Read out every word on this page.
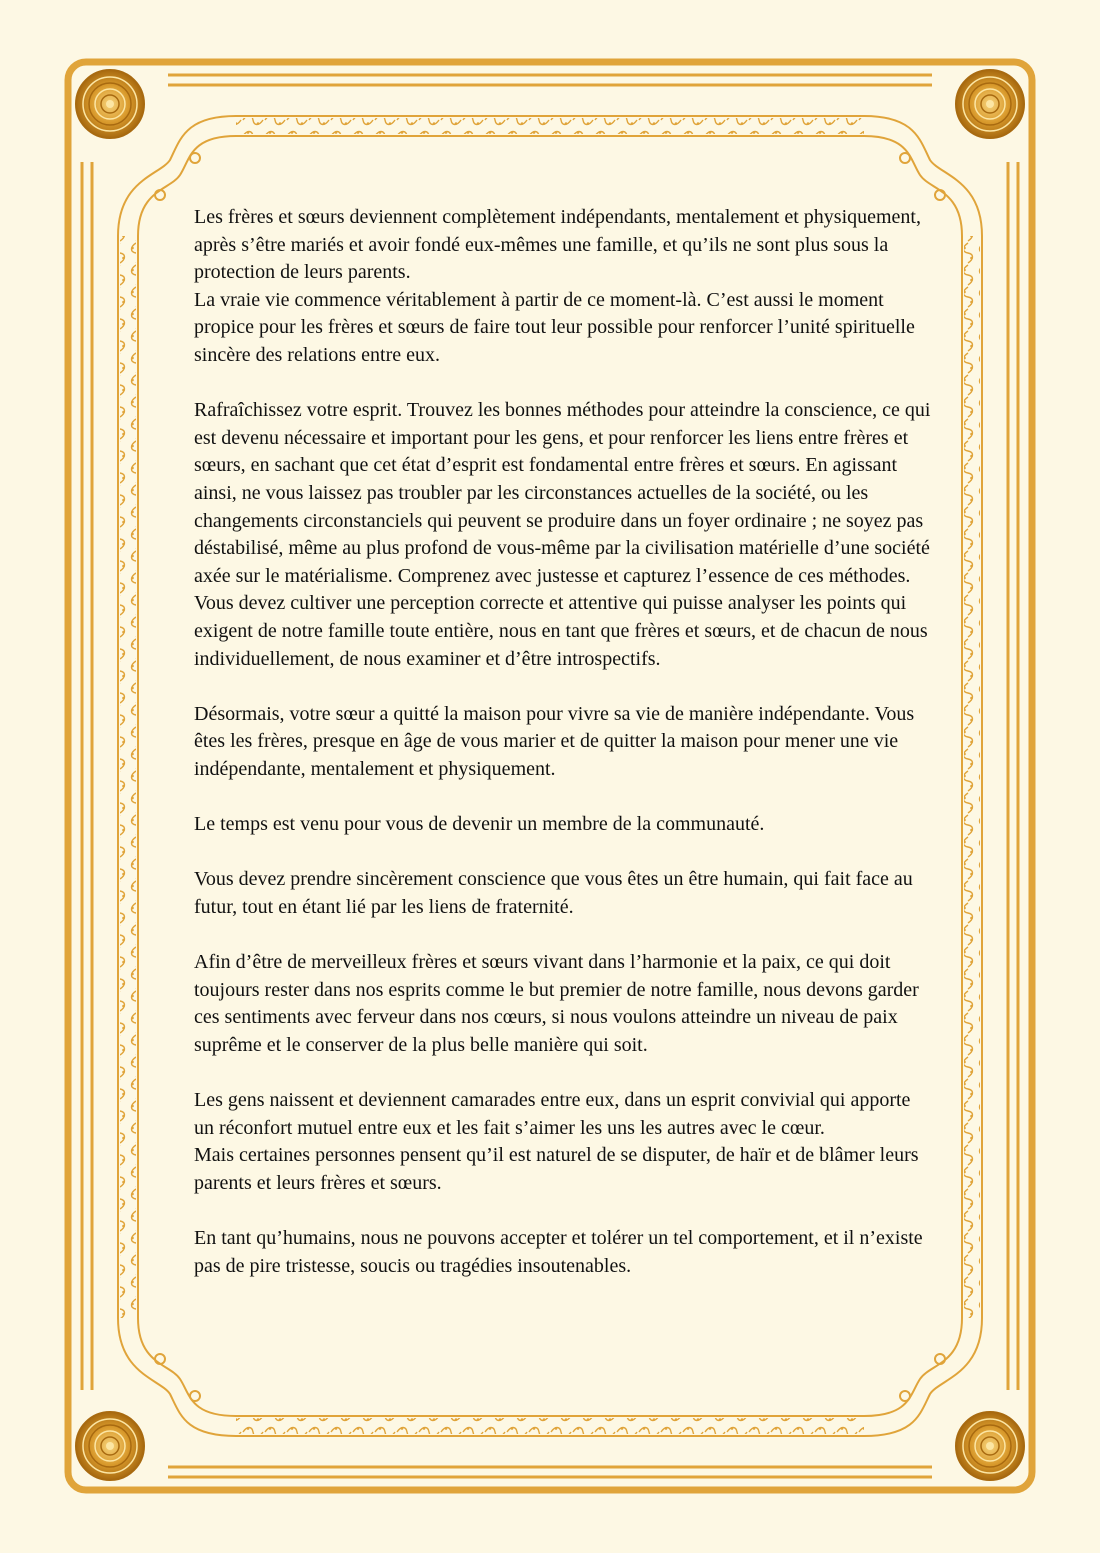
Les frères et sœurs deviennent complètement indépendants, mentalement et physiquement, après s’être mariés et avoir fondé eux-mêmes une famille, et qu’ils ne sont plus sous la protection de leurs parents.
La vraie vie commence véritablement à partir de ce moment-là. C’est aussi le moment propice pour les frères et sœurs de faire tout leur possible pour renforcer l’unité spirituelle sincère des relations entre eux.

Rafraîchissez votre esprit. Trouvez les bonnes méthodes pour atteindre la conscience, ce qui est devenu nécessaire et important pour les gens, et pour renforcer les liens entre frères et sœurs, en sachant que cet état d’esprit est fondamental entre frères et sœurs. En agissant ainsi, ne vous laissez pas troubler par les circonstances actuelles de la société, ou les changements circonstanciels qui peuvent se produire dans un foyer ordinaire ; ne soyez pas déstabilisé, même au plus profond de vous-même par la civilisation matérielle d’une société axée sur le matérialisme. Comprenez avec justesse et capturez l’essence de ces méthodes. Vous devez cultiver une perception correcte et attentive qui puisse analyser les points qui exigent de notre famille toute entière, nous en tant que frères et sœurs, et de chacun de nous individuellement, de nous examiner et d’être introspectifs.

Désormais, votre sœur a quitté la maison pour vivre sa vie de manière indépendante. Vous êtes les frères, presque en âge de vous marier et de quitter la maison pour mener une vie indépendante, mentalement et physiquement.

Le temps est venu pour vous de devenir un membre de la communauté.

Vous devez prendre sincèrement conscience que vous êtes un être humain, qui fait face au futur, tout en étant lié par les liens de fraternité.

Afin d’être de merveilleux frères et sœurs vivant dans l’harmonie et la paix, ce qui doit toujours rester dans nos esprits comme le but premier de notre famille, nous devons garder ces sentiments avec ferveur dans nos cœurs, si nous voulons atteindre un niveau de paix suprême et le conserver de la plus belle manière qui soit.

Les gens naissent et deviennent camarades entre eux, dans un esprit convivial qui apporte un réconfort mutuel entre eux et les fait s’aimer les uns les autres avec le cœur.
Mais certaines personnes pensent qu’il est naturel de se disputer, de haïr et de blâmer leurs parents et leurs frères et sœurs.

En tant qu’humains, nous ne pouvons accepter et tolérer un tel comportement, et il n’existe pas de pire tristesse, soucis ou tragédies insoutenables.
